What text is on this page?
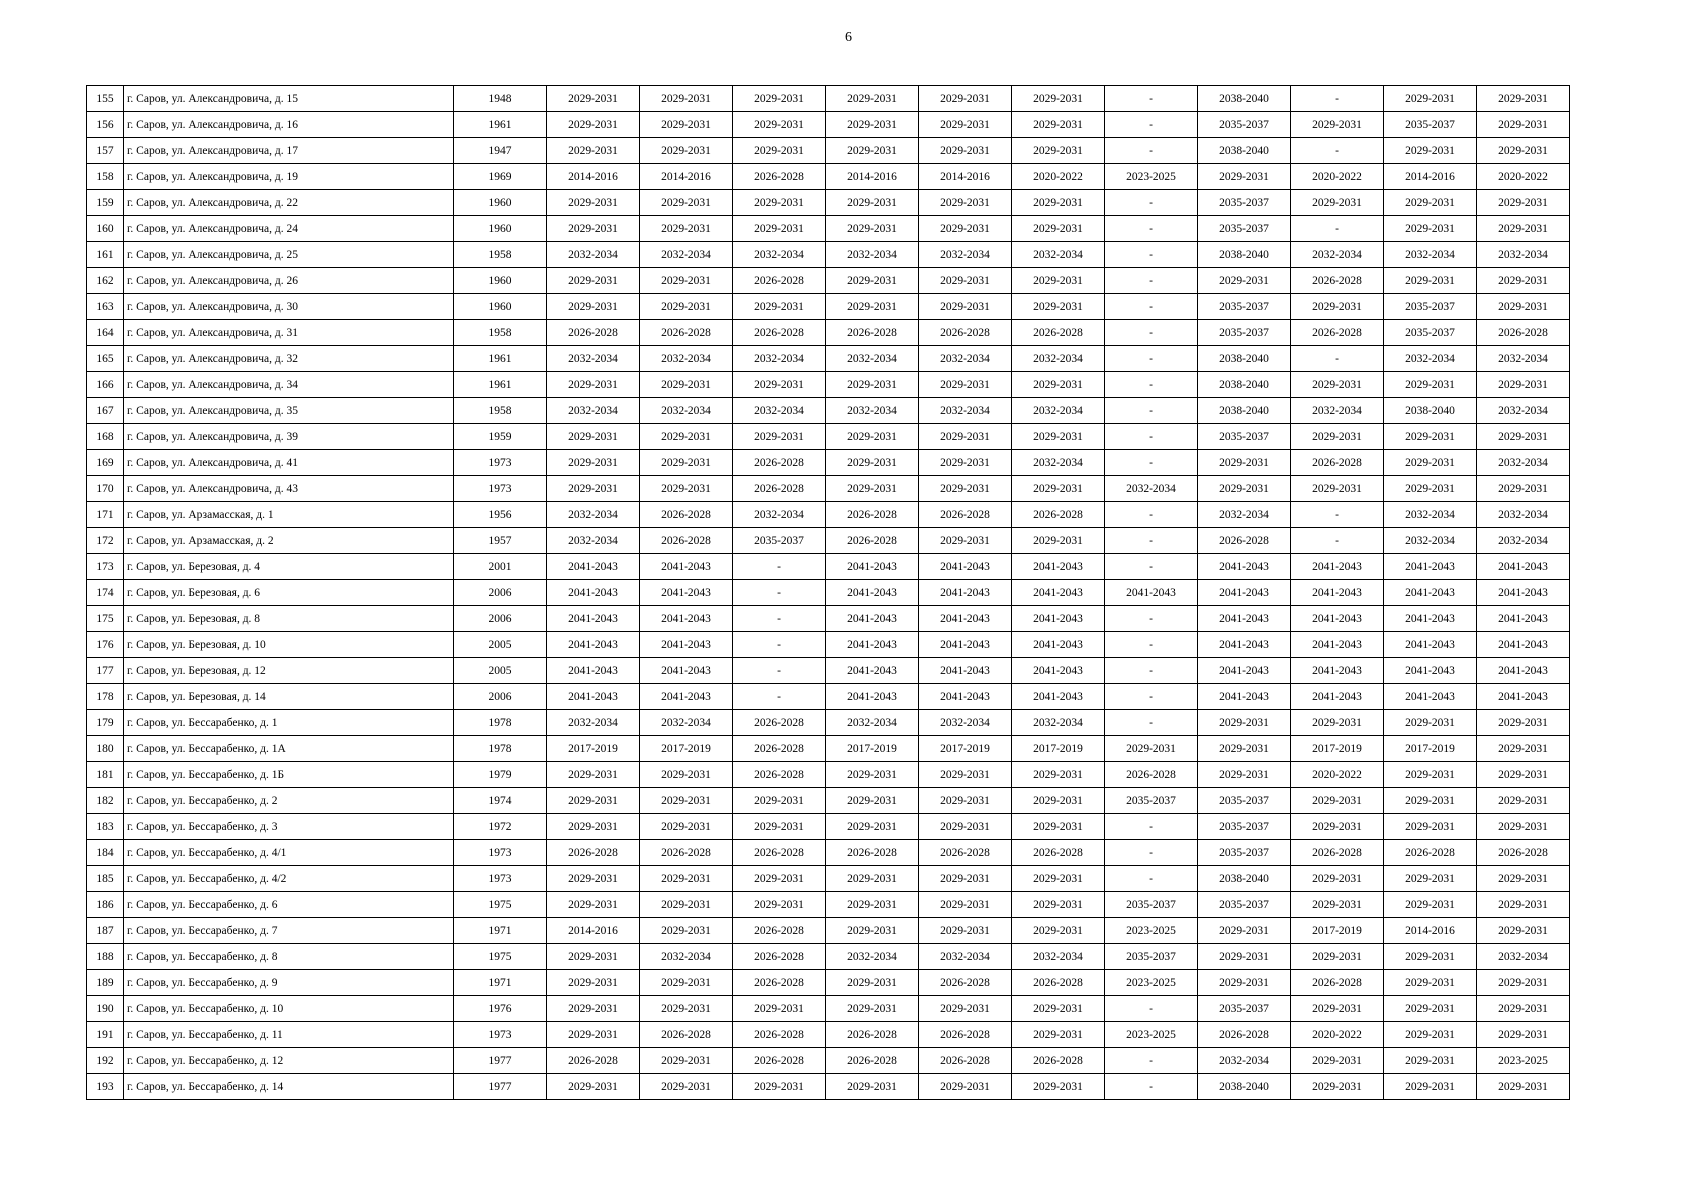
6
155	г. Саров, ул. Александровича, д. 15	1948	2029-2031	2029-2031	2029-2031	2029-2031	2029-2031	2029-2031	-	2038-2040	-	2029-2031	2029-2031
156	г. Саров, ул. Александровича, д. 16	1961	2029-2031	2029-2031	2029-2031	2029-2031	2029-2031	2029-2031	-	2035-2037	2029-2031	2035-2037	2029-2031
157	г. Саров, ул. Александровича, д. 17	1947	2029-2031	2029-2031	2029-2031	2029-2031	2029-2031	2029-2031	-	2038-2040	-	2029-2031	2029-2031
158	г. Саров, ул. Александровича, д. 19	1969	2014-2016	2014-2016	2026-2028	2014-2016	2014-2016	2020-2022	2023-2025	2029-2031	2020-2022	2014-2016	2020-2022
159	г. Саров, ул. Александровича, д. 22	1960	2029-2031	2029-2031	2029-2031	2029-2031	2029-2031	2029-2031	-	2035-2037	2029-2031	2029-2031	2029-2031
160	г. Саров, ул. Александровича, д. 24	1960	2029-2031	2029-2031	2029-2031	2029-2031	2029-2031	2029-2031	-	2035-2037	-	2029-2031	2029-2031
161	г. Саров, ул. Александровича, д. 25	1958	2032-2034	2032-2034	2032-2034	2032-2034	2032-2034	2032-2034	-	2038-2040	2032-2034	2032-2034	2032-2034
162	г. Саров, ул. Александровича, д. 26	1960	2029-2031	2029-2031	2026-2028	2029-2031	2029-2031	2029-2031	-	2029-2031	2026-2028	2029-2031	2029-2031
163	г. Саров, ул. Александровича, д. 30	1960	2029-2031	2029-2031	2029-2031	2029-2031	2029-2031	2029-2031	-	2035-2037	2029-2031	2035-2037	2029-2031
164	г. Саров, ул. Александровича, д. 31	1958	2026-2028	2026-2028	2026-2028	2026-2028	2026-2028	2026-2028	-	2035-2037	2026-2028	2035-2037	2026-2028
165	г. Саров, ул. Александровича, д. 32	1961	2032-2034	2032-2034	2032-2034	2032-2034	2032-2034	2032-2034	-	2038-2040	-	2032-2034	2032-2034
166	г. Саров, ул. Александровича, д. 34	1961	2029-2031	2029-2031	2029-2031	2029-2031	2029-2031	2029-2031	-	2038-2040	2029-2031	2029-2031	2029-2031
167	г. Саров, ул. Александровича, д. 35	1958	2032-2034	2032-2034	2032-2034	2032-2034	2032-2034	2032-2034	-	2038-2040	2032-2034	2038-2040	2032-2034
168	г. Саров, ул. Александровича, д. 39	1959	2029-2031	2029-2031	2029-2031	2029-2031	2029-2031	2029-2031	-	2035-2037	2029-2031	2029-2031	2029-2031
169	г. Саров, ул. Александровича, д. 41	1973	2029-2031	2029-2031	2026-2028	2029-2031	2029-2031	2032-2034	-	2029-2031	2026-2028	2029-2031	2032-2034
170	г. Саров, ул. Александровича, д. 43	1973	2029-2031	2029-2031	2026-2028	2029-2031	2029-2031	2029-2031	2032-2034	2029-2031	2029-2031	2029-2031	2029-2031
171	г. Саров, ул. Арзамасская, д. 1	1956	2032-2034	2026-2028	2032-2034	2026-2028	2026-2028	2026-2028	-	2032-2034	-	2032-2034	2032-2034
172	г. Саров, ул. Арзамасская, д. 2	1957	2032-2034	2026-2028	2035-2037	2026-2028	2029-2031	2029-2031	-	2026-2028	-	2032-2034	2032-2034
173	г. Саров, ул. Березовая, д. 4	2001	2041-2043	2041-2043	-	2041-2043	2041-2043	2041-2043	-	2041-2043	2041-2043	2041-2043	2041-2043
174	г. Саров, ул. Березовая, д. 6	2006	2041-2043	2041-2043	-	2041-2043	2041-2043	2041-2043	2041-2043	2041-2043	2041-2043	2041-2043	2041-2043
175	г. Саров, ул. Березовая, д. 8	2006	2041-2043	2041-2043	-	2041-2043	2041-2043	2041-2043	-	2041-2043	2041-2043	2041-2043	2041-2043
176	г. Саров, ул. Березовая, д. 10	2005	2041-2043	2041-2043	-	2041-2043	2041-2043	2041-2043	-	2041-2043	2041-2043	2041-2043	2041-2043
177	г. Саров, ул. Березовая, д. 12	2005	2041-2043	2041-2043	-	2041-2043	2041-2043	2041-2043	-	2041-2043	2041-2043	2041-2043	2041-2043
178	г. Саров, ул. Березовая, д. 14	2006	2041-2043	2041-2043	-	2041-2043	2041-2043	2041-2043	-	2041-2043	2041-2043	2041-2043	2041-2043
179	г. Саров, ул. Бессарабенко, д. 1	1978	2032-2034	2032-2034	2026-2028	2032-2034	2032-2034	2032-2034	-	2029-2031	2029-2031	2029-2031	2029-2031
180	г. Саров, ул. Бессарабенко, д. 1А	1978	2017-2019	2017-2019	2026-2028	2017-2019	2017-2019	2017-2019	2029-2031	2029-2031	2017-2019	2017-2019	2029-2031
181	г. Саров, ул. Бессарабенко, д. 1Б	1979	2029-2031	2029-2031	2026-2028	2029-2031	2029-2031	2029-2031	2026-2028	2029-2031	2020-2022	2029-2031	2029-2031
182	г. Саров, ул. Бессарабенко, д. 2	1974	2029-2031	2029-2031	2029-2031	2029-2031	2029-2031	2029-2031	2035-2037	2035-2037	2029-2031	2029-2031	2029-2031
183	г. Саров, ул. Бессарабенко, д. 3	1972	2029-2031	2029-2031	2029-2031	2029-2031	2029-2031	2029-2031	-	2035-2037	2029-2031	2029-2031	2029-2031
184	г. Саров, ул. Бессарабенко, д. 4/1	1973	2026-2028	2026-2028	2026-2028	2026-2028	2026-2028	2026-2028	-	2035-2037	2026-2028	2026-2028	2026-2028
185	г. Саров, ул. Бессарабенко, д. 4/2	1973	2029-2031	2029-2031	2029-2031	2029-2031	2029-2031	2029-2031	-	2038-2040	2029-2031	2029-2031	2029-2031
186	г. Саров, ул. Бессарабенко, д. 6	1975	2029-2031	2029-2031	2029-2031	2029-2031	2029-2031	2029-2031	2035-2037	2035-2037	2029-2031	2029-2031	2029-2031
187	г. Саров, ул. Бессарабенко, д. 7	1971	2014-2016	2029-2031	2026-2028	2029-2031	2029-2031	2029-2031	2023-2025	2029-2031	2017-2019	2014-2016	2029-2031
188	г. Саров, ул. Бессарабенко, д. 8	1975	2029-2031	2032-2034	2026-2028	2032-2034	2032-2034	2032-2034	2035-2037	2029-2031	2029-2031	2029-2031	2032-2034
189	г. Саров, ул. Бессарабенко, д. 9	1971	2029-2031	2029-2031	2026-2028	2029-2031	2026-2028	2026-2028	2023-2025	2029-2031	2026-2028	2029-2031	2029-2031
190	г. Саров, ул. Бессарабенко, д. 10	1976	2029-2031	2029-2031	2029-2031	2029-2031	2029-2031	2029-2031	-	2035-2037	2029-2031	2029-2031	2029-2031
191	г. Саров, ул. Бессарабенко, д. 11	1973	2029-2031	2026-2028	2026-2028	2026-2028	2026-2028	2029-2031	2023-2025	2026-2028	2020-2022	2029-2031	2029-2031
192	г. Саров, ул. Бессарабенко, д. 12	1977	2026-2028	2029-2031	2026-2028	2026-2028	2026-2028	2026-2028	-	2032-2034	2029-2031	2029-2031	2023-2025
193	г. Саров, ул. Бессарабенко, д. 14	1977	2029-2031	2029-2031	2029-2031	2029-2031	2029-2031	2029-2031	-	2038-2040	2029-2031	2029-2031	2029-2031
